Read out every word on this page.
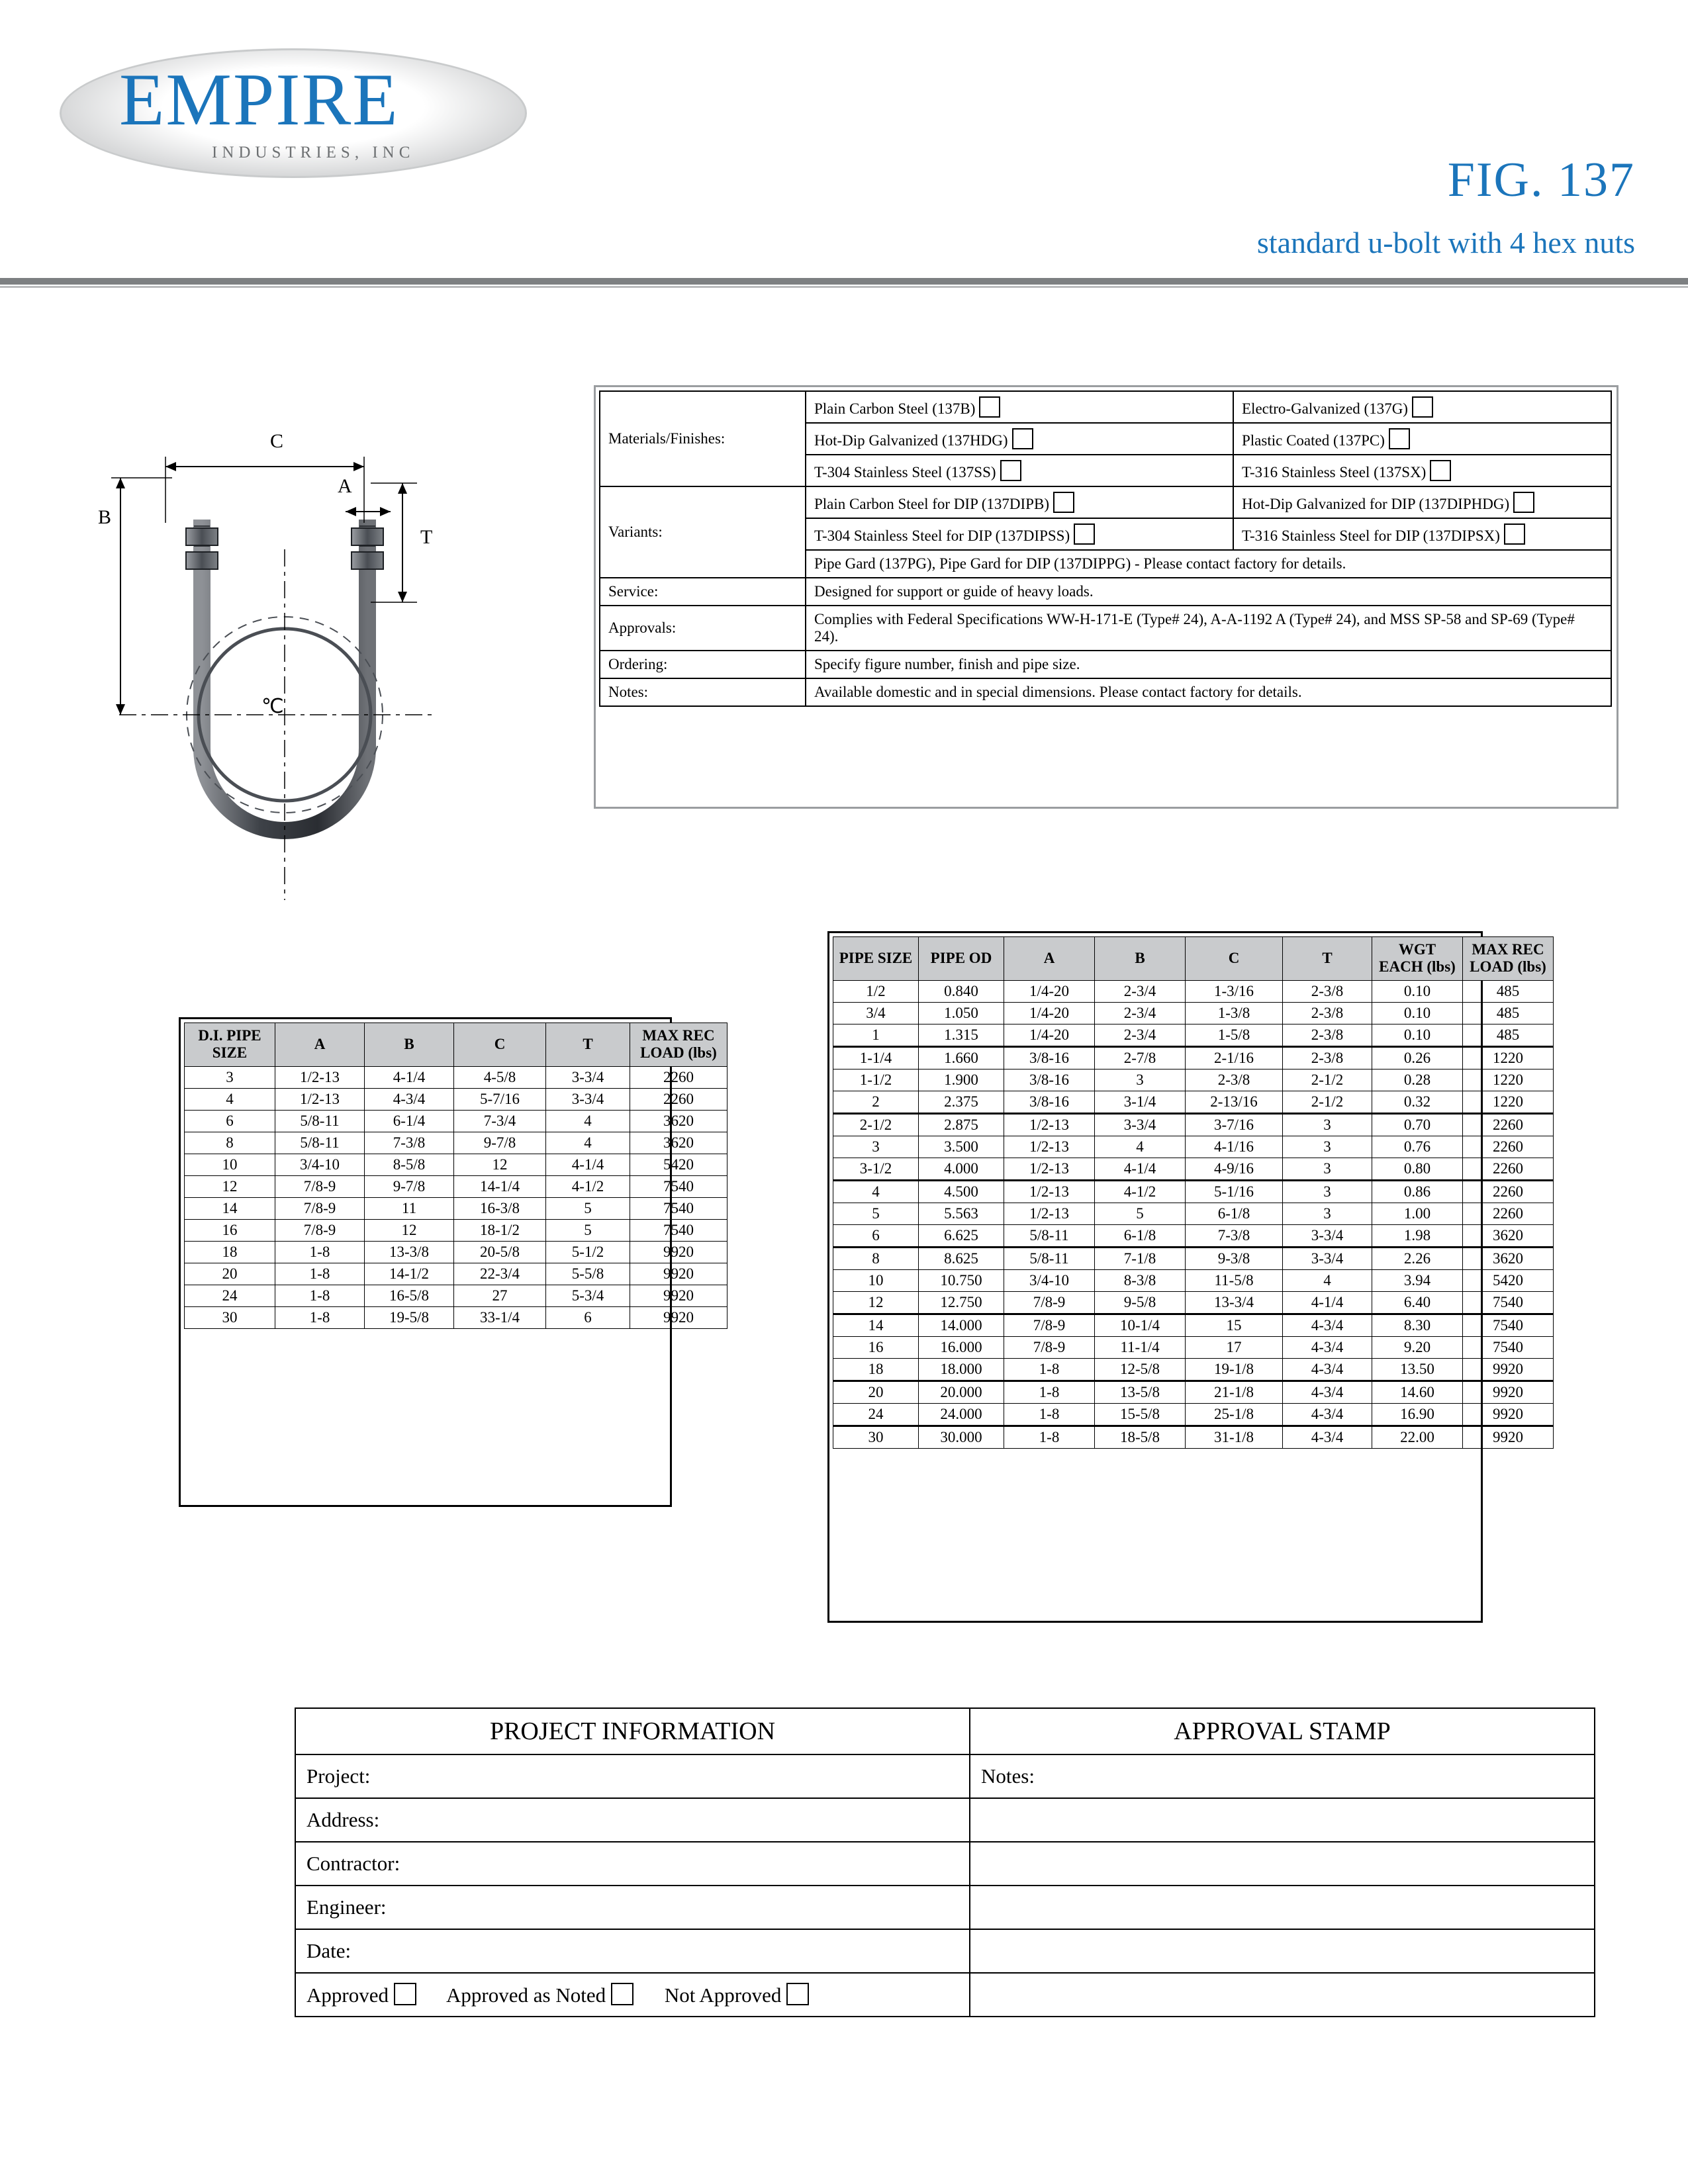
EMPIRE
INDUSTRIES, INC
FIG. 137
standard u-bolt with 4 hex nuts
C
A
B
T
℃
Materials/Finishes:	Plain Carbon Steel (137B)	Electro-Galvanized (137G)
	Hot-Dip Galvanized (137HDG)	Plastic Coated (137PC)
	T-304 Stainless Steel (137SS)	T-316 Stainless Steel (137SX)
Variants:	Plain Carbon Steel for DIP (137DIPB)	Hot-Dip Galvanized for DIP (137DIPHDG)
	T-304 Stainless Steel for DIP (137DIPSS)	T-316 Stainless Steel for DIP (137DIPSX)
	Pipe Gard (137PG), Pipe Gard for DIP (137DIPPG) - Please contact factory for details.	
Service:	Designed for support or guide of heavy loads.	
Approvals:	Complies with Federal Specifications WW-H-171-E (Type# 24), A-A-1192 A (Type# 24), and MSS SP-58 and SP-69 (Type# 24).	
Ordering:	Specify figure number, finish and pipe size.	
Notes:	Available domestic and in special dimensions. Please contact factory for details.	
D.I. PIPE SIZE	A	B	C	T	MAX REC LOAD (lbs)
3	1/2-13	4-1/4	4-5/8	3-3/4	2260
4	1/2-13	4-3/4	5-7/16	3-3/4	2260
6	5/8-11	6-1/4	7-3/4	4	3620
8	5/8-11	7-3/8	9-7/8	4	3620
10	3/4-10	8-5/8	12	4-1/4	5420
12	7/8-9	9-7/8	14-1/4	4-1/2	7540
14	7/8-9	11	16-3/8	5	7540
16	7/8-9	12	18-1/2	5	7540
18	1-8	13-3/8	20-5/8	5-1/2	9920
20	1-8	14-1/2	22-3/4	5-5/8	9920
24	1-8	16-5/8	27	5-3/4	9920
30	1-8	19-5/8	33-1/4	6	9920
PIPE SIZE	PIPE OD	A	B	C	T	WGT EACH (lbs)	MAX REC LOAD (lbs)
1/2	0.840	1/4-20	2-3/4	1-3/16	2-3/8	0.10	485
3/4	1.050	1/4-20	2-3/4	1-3/8	2-3/8	0.10	485
1	1.315	1/4-20	2-3/4	1-5/8	2-3/8	0.10	485
1-1/4	1.660	3/8-16	2-7/8	2-1/16	2-3/8	0.26	1220
1-1/2	1.900	3/8-16	3	2-3/8	2-1/2	0.28	1220
2	2.375	3/8-16	3-1/4	2-13/16	2-1/2	0.32	1220
2-1/2	2.875	1/2-13	3-3/4	3-7/16	3	0.70	2260
3	3.500	1/2-13	4	4-1/16	3	0.76	2260
3-1/2	4.000	1/2-13	4-1/4	4-9/16	3	0.80	2260
4	4.500	1/2-13	4-1/2	5-1/16	3	0.86	2260
5	5.563	1/2-13	5	6-1/8	3	1.00	2260
6	6.625	5/8-11	6-1/8	7-3/8	3-3/4	1.98	3620
8	8.625	5/8-11	7-1/8	9-3/8	3-3/4	2.26	3620
10	10.750	3/4-10	8-3/8	11-5/8	4	3.94	5420
12	12.750	7/8-9	9-5/8	13-3/4	4-1/4	6.40	7540
14	14.000	7/8-9	10-1/4	15	4-3/4	8.30	7540
16	16.000	7/8-9	11-1/4	17	4-3/4	9.20	7540
18	18.000	1-8	12-5/8	19-1/8	4-3/4	13.50	9920
20	20.000	1-8	13-5/8	21-1/8	4-3/4	14.60	9920
24	24.000	1-8	15-5/8	25-1/8	4-3/4	16.90	9920
30	30.000	1-8	18-5/8	31-1/8	4-3/4	22.00	9920
PROJECT INFORMATION	APPROVAL STAMP
Project:	Notes:
Address:	
Contractor:	
Engineer:	
Date:	
Approved Approved as Noted Not Approved	
